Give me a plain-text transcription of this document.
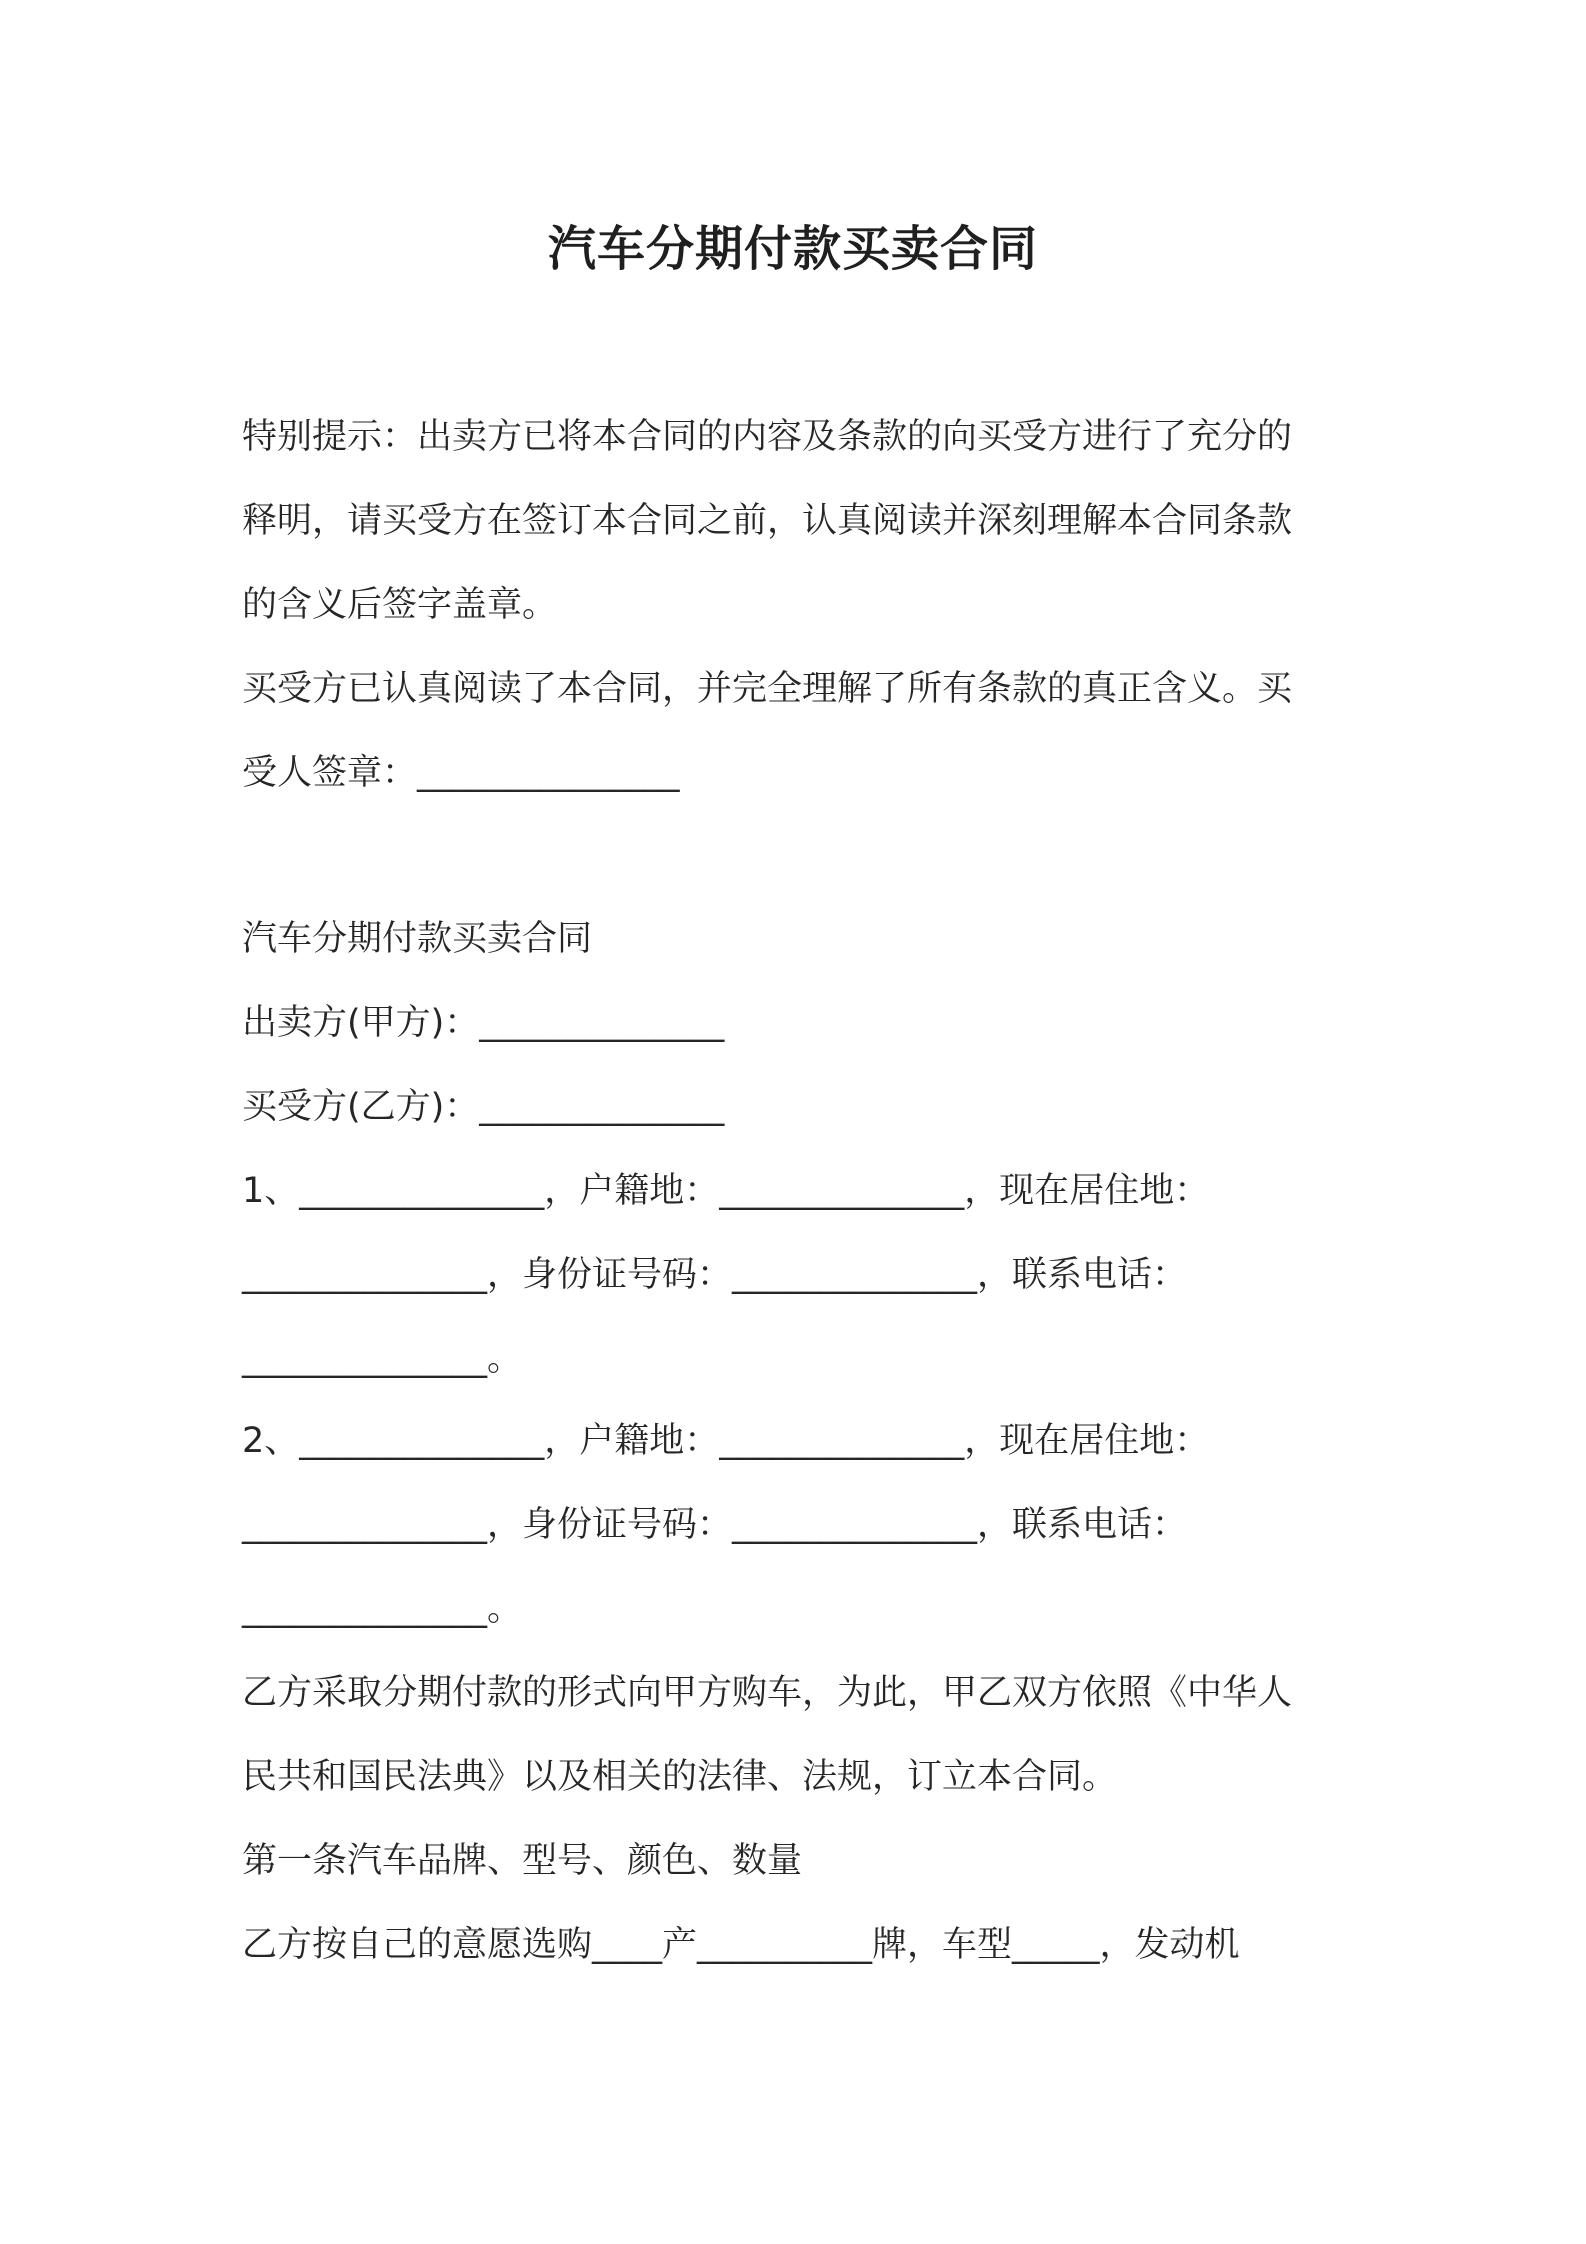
汽车分期付款买卖合同
特别提示：出卖方已将本合同的内容及条款的向买受方进行了充分的
释明，请买受方在签订本合同之前，认真阅读并深刻理解本合同条款
的含义后签字盖章。
买受方已认真阅读了本合同，并完全理解了所有条款的真正含义。买
受人签章：_______________
汽车分期付款买卖合同
出卖方(甲方)：______________
买受方(乙方)：______________
1、______________，户籍地：______________，现在居住地：
______________，身份证号码：______________，联系电话：
______________。
2、______________，户籍地：______________，现在居住地：
______________，身份证号码：______________，联系电话：
______________。
乙方采取分期付款的形式向甲方购车，为此，甲乙双方依照《中华人
民共和国民法典》以及相关的法律、法规，订立本合同。
第一条汽车品牌、型号、颜色、数量
乙方按自己的意愿选购____产__________牌，车型_____，发动机
